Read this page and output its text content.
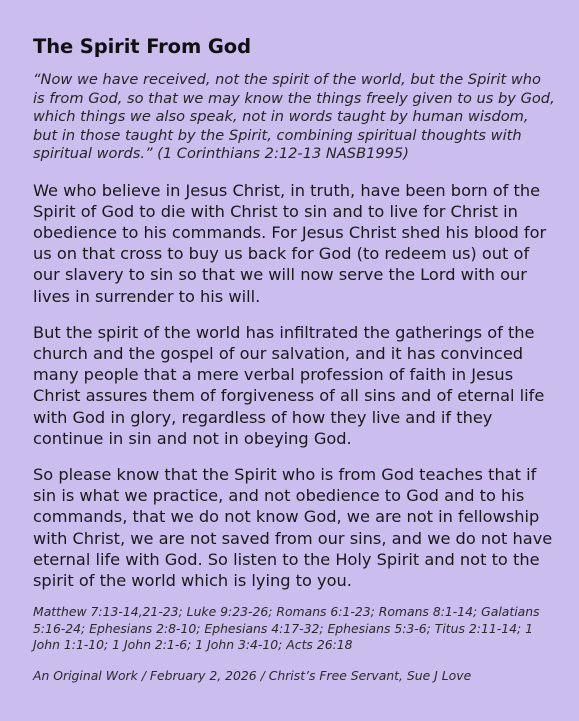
The Spirit From God

“Now we have received, not the spirit of the world, but the Spirit who is from God, so that we may know the things freely given to us by God, which things we also speak, not in words taught by human wisdom, but in those taught by the Spirit, combining spiritual thoughts with spiritual words.” (1 Corinthians 2:12-13 NASB1995)

We who believe in Jesus Christ, in truth, have been born of the Spirit of God to die with Christ to sin and to live for Christ in obedience to his commands. For Jesus Christ shed his blood for us on that cross to buy us back for God (to redeem us) out of our slavery to sin so that we will now serve the Lord with our lives in surrender to his will.

But the spirit of the world has infiltrated the gatherings of the church and the gospel of our salvation, and it has convinced many people that a mere verbal profession of faith in Jesus Christ assures them of forgiveness of all sins and of eternal life with God in glory, regardless of how they live and if they continue in sin and not in obeying God.

So please know that the Spirit who is from God teaches that if sin is what we practice, and not obedience to God and to his commands, that we do not know God, we are not in fellowship with Christ, we are not saved from our sins, and we do not have eternal life with God. So listen to the Holy Spirit and not to the spirit of the world which is lying to you.

Matthew 7:13-14,21-23; Luke 9:23-26; Romans 6:1-23; Romans 8:1-14; Galatians 5:16-24; Ephesians 2:8-10; Ephesians 4:17-32; Ephesians 5:3-6; Titus 2:11-14; 1 John 1:1-10; 1 John 2:1-6; 1 John 3:4-10; Acts 26:18

An Original Work / February 2, 2026 / Christ’s Free Servant, Sue J Love
